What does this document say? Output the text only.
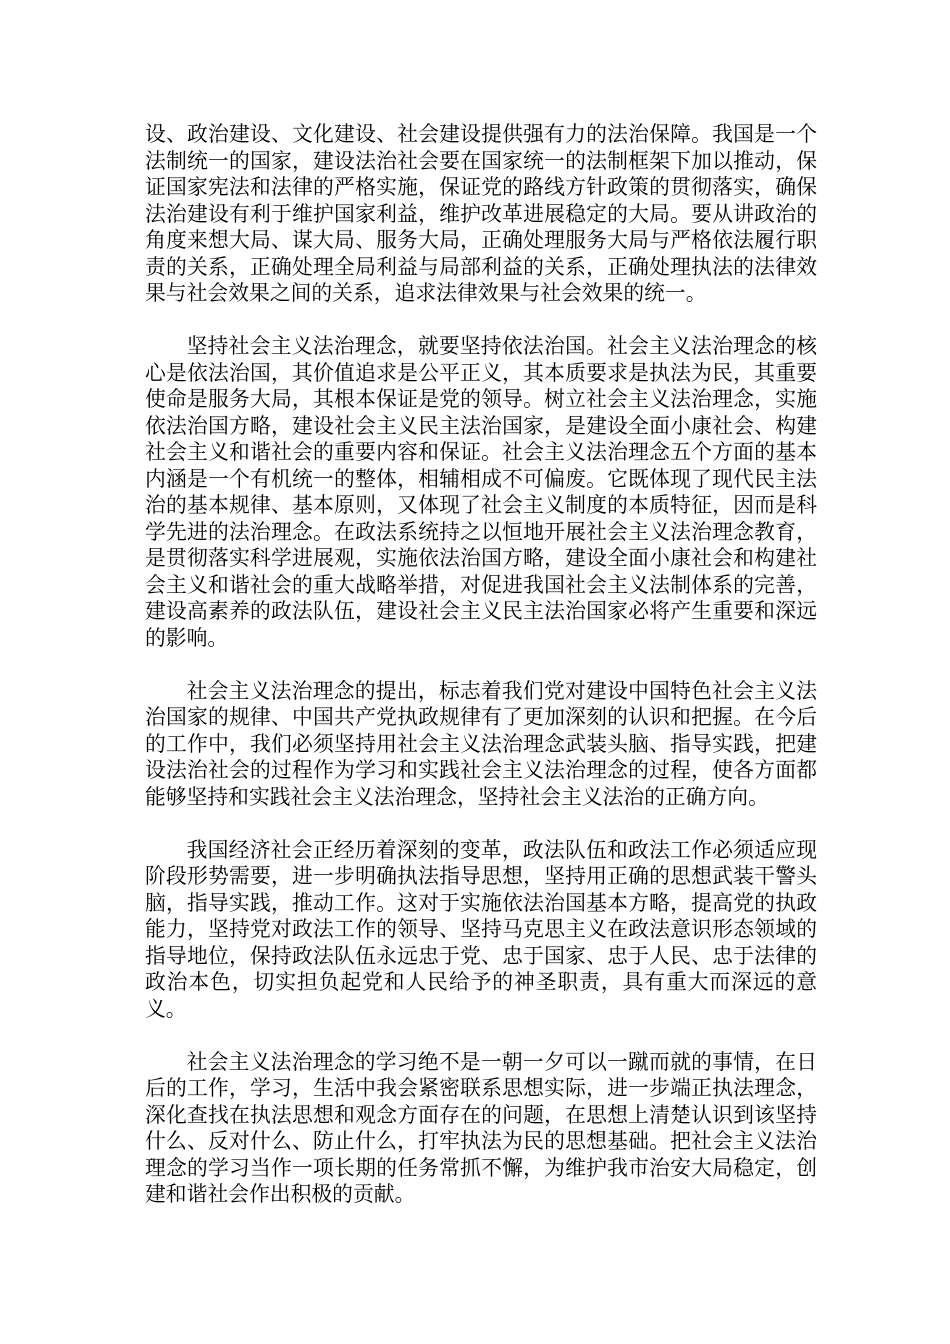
设、政治建设、文化建设、社会建设提供强有力的法治保障。我国是一个法制统一的国家，建设法治社会要在国家统一的法制框架下加以推动，保证国家宪法和法律的严格实施，保证党的路线方针政策的贯彻落实，确保法治建设有利于维护国家利益，维护改革进展稳定的大局。要从讲政治的角度来想大局、谋大局、服务大局，正确处理服务大局与严格依法履行职责的关系，正确处理全局利益与局部利益的关系，正确处理执法的法律效果与社会效果之间的关系，追求法律效果与社会效果的统一。

坚持社会主义法治理念，就要坚持依法治国。社会主义法治理念的核心是依法治国，其价值追求是公平正义，其本质要求是执法为民，其重要使命是服务大局，其根本保证是党的领导。树立社会主义法治理念，实施依法治国方略，建设社会主义民主法治国家，是建设全面小康社会、构建社会主义和谐社会的重要内容和保证。社会主义法治理念五个方面的基本内涵是一个有机统一的整体，相辅相成不可偏废。它既体现了现代民主法治的基本规律、基本原则，又体现了社会主义制度的本质特征，因而是科学先进的法治理念。在政法系统持之以恒地开展社会主义法治理念教育，是贯彻落实科学进展观，实施依法治国方略，建设全面小康社会和构建社会主义和谐社会的重大战略举措，对促进我国社会主义法制体系的完善，建设高素养的政法队伍，建设社会主义民主法治国家必将产生重要和深远的影响。

社会主义法治理念的提出，标志着我们党对建设中国特色社会主义法治国家的规律、中国共产党执政规律有了更加深刻的认识和把握。在今后的工作中，我们必须坚持用社会主义法治理念武装头脑、指导实践，把建设法治社会的过程作为学习和实践社会主义法治理念的过程，使各方面都能够坚持和实践社会主义法治理念，坚持社会主义法治的正确方向。

我国经济社会正经历着深刻的变革，政法队伍和政法工作必须适应现阶段形势需要，进一步明确执法指导思想，坚持用正确的思想武装干警头脑，指导实践，推动工作。这对于实施依法治国基本方略，提高党的执政能力，坚持党对政法工作的领导、坚持马克思主义在政法意识形态领域的指导地位，保持政法队伍永远忠于党、忠于国家、忠于人民、忠于法律的政治本色，切实担负起党和人民给予的神圣职责，具有重大而深远的意义。

社会主义法治理念的学习绝不是一朝一夕可以一蹴而就的事情，在日后的工作，学习，生活中我会紧密联系思想实际，进一步端正执法理念，深化查找在执法思想和观念方面存在的问题，在思想上清楚认识到该坚持什么、反对什么、防止什么，打牢执法为民的思想基础。把社会主义法治理念的学习当作一项长期的任务常抓不懈，为维护我市治安大局稳定，创建和谐社会作出积极的贡献。
